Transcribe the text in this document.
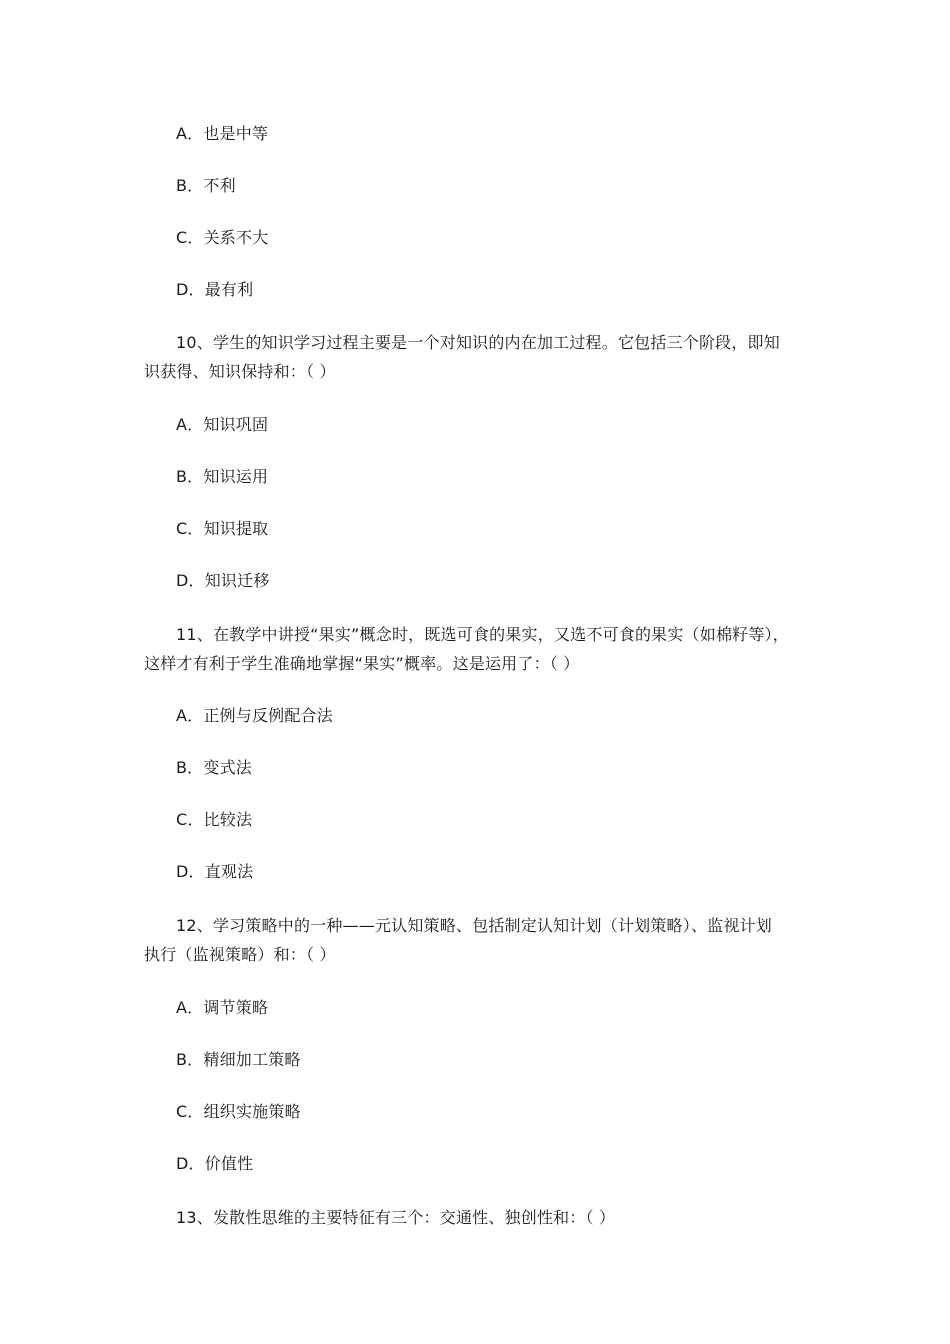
A．也是中等
B．不利
C．关系不大
D．最有利
10、学生的知识学习过程主要是一个对知识的内在加工过程。它包括三个阶段，即知
识获得、知识保持和：（ ）
A．知识巩固
B．知识运用
C．知识提取
D．知识迁移
11、在教学中讲授“果实”概念时，既选可食的果实，又选不可食的果实（如棉籽等），
这样才有利于学生准确地掌握“果实”概率。这是运用了：（ ）
A．正例与反例配合法
B．变式法
C．比较法
D．直观法
12、学习策略中的一种——元认知策略、包括制定认知计划（计划策略）、监视计划
执行（监视策略）和：（ ）
A．调节策略
B．精细加工策略
C．组织实施策略
D．价值性
13、发散性思维的主要特征有三个：交通性、独创性和：（ ）
